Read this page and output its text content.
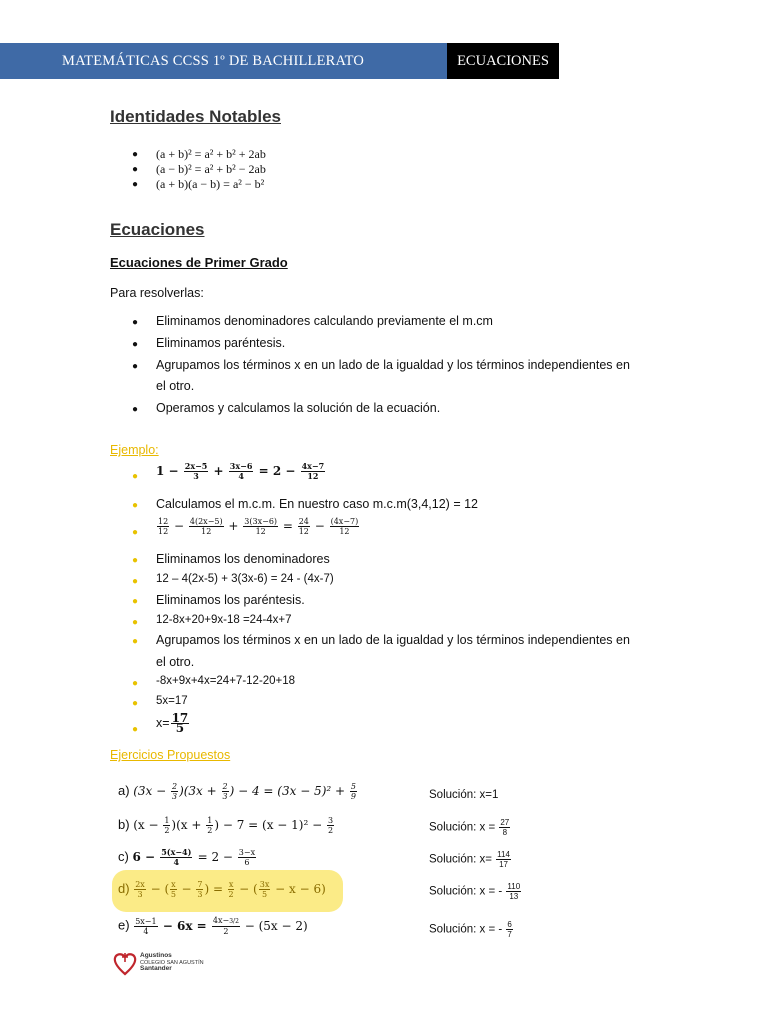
MATEMÁTICAS CCSS 1º DE BACHILLERATO	ECUACIONES
Identidades Notables
● (a + b)² = a² + b² + 2ab
● (a − b)² = a² + b² − 2ab
● (a + b)(a − b) = a² − b²
Ecuaciones
Ecuaciones de Primer Grado
Para resolverlas:
● Eliminamos denominadores calculando previamente el m.cm
● Eliminamos paréntesis.
● Agrupamos los términos x en un lado de la igualdad y los términos independientes en
el otro.
● Operamos y calculamos la solución de la ecuación.
Ejemplo:
● $1 - \frac{2x-5}{3} + \frac{3x-6}{4} = 2 - \frac{4x-7}{12}$
● Calculamos el m.c.m. En nuestro caso m.c.m(3,4,12) = 12
● $\frac{12}{12} - \frac{4(2x-5)}{12} + \frac{3(3x-6)}{12} = \frac{24}{12} - \frac{(4x-7)}{12}$
● Eliminamos los denominadores
● 12 – 4(2x-5) + 3(3x-6) = 24 - (4x-7)
● Eliminamos los paréntesis.
● 12-8x+20+9x-18 =24-4x+7
● Agrupamos los términos x en un lado de la igualdad y los términos independientes en
el otro.
● -8x+9x+4x=24+7-12-20+18
● 5x=17
● $x= \frac{17}{5}$
Ejercicios Propuestos
a) $(3x - \frac{2}{3} )(3x + \frac{2}{3}$ ) − $4 = (3x - 5)^2 + \frac{5}{9}$	Solución: x=1
b) $(x - \frac{1}{2} )(x + \frac{1}{2}$ ) − $7 = (x - 1)^2 - \frac{3}{2}$	Solución: $x = \frac{27}{8}$
c) $6 - \frac{5(x-4)}{4} = 2 - \frac{3-x}{6}$	Solución: $x= \frac{114}{17}$
$d) \frac{2x}{3}$ − ( $\frac{x}{5} - \frac{7}{3}$ ) = $\frac{x}{2}$ − ( $\frac{3x}{5} - x - 6$)	Solución: x = - $\frac{110}{13}$
$e) \frac{5x-1}{4} - 6x = \frac{4x-3/2}{2} - (5x - 2)$	Solución: x = - $\frac{6}{7}$
Agustinos
COLEGIO SAN AGUSTÍN
Santander
